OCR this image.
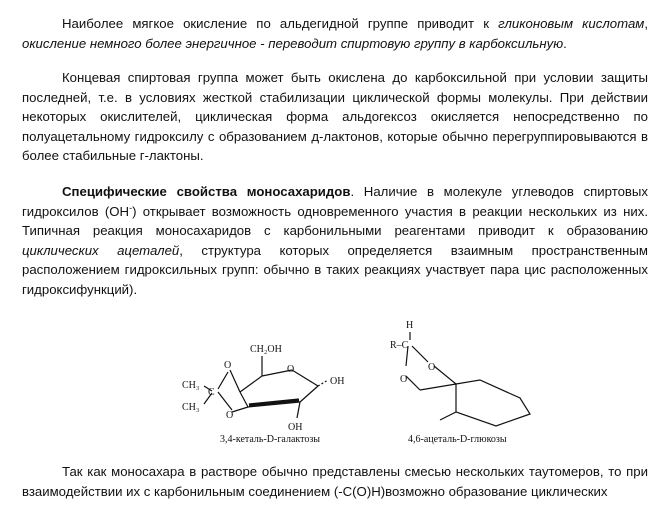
Наиболее мягкое окисление по альдегидной группе приводит к гликоновым кислотам, окисление немного более энергичное - переводит спиртовую группу в карбоксильную.

Концевая спиртовая группа может быть окислена до карбоксильной при условии защиты последней, т.е. в условиях жесткой стабилизации циклической формы молекулы. При действии некоторых окислителей, циклическая форма альдогексоз окисляется непосредственно по полуацетальному гидроксилу с образованием д-лактонов, которые обычно перегруппировываются в более стабильные г-лактоны.

Специфические свойства моносахаридов. Наличие в молекуле углеводов спиртовых гидроксилов (OH-) открывает возможность одновременного участия в реакции нескольких из них. Типичная реакция моносахаридов с карбонильными реагентами приводит к образованию циклических ацеталей, структура которых определяется взаимным пространственным расположением гидроксильных групп: обычно в таких реакциях участвует пара цис расположенных гидроксифункций).

CH₂OH
O
O
O
OH
OH
CH₃
C
CH₃
3,4-кеталь-D-галактозы
H
R–C
O
O
4,6-ацеталь-D-глюкозы

Так как моносахара в растворе обычно представлены смесью нескольких таутомеров, то при взаимодействии их с карбонильным соединением (-C(O)H)возможно образование циклических
